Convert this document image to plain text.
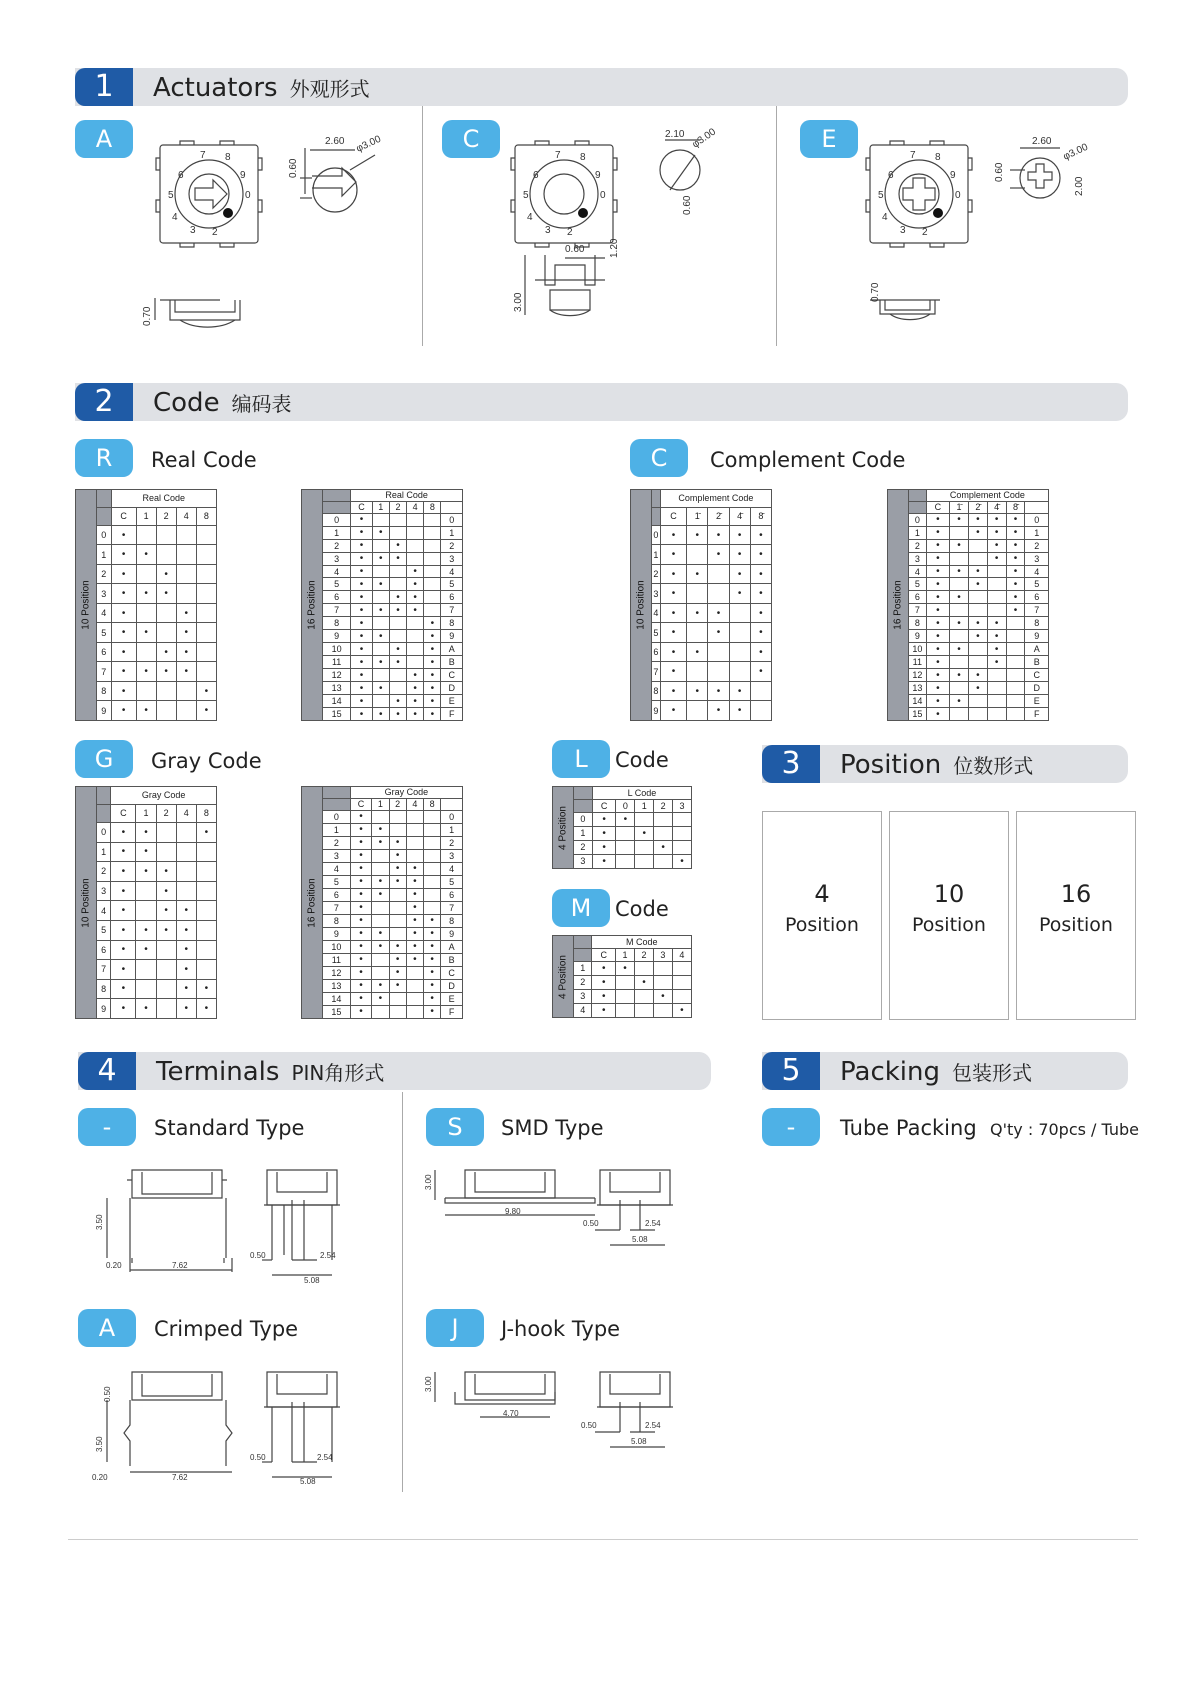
1	Actuators 外观形式
A	C	E
6
7 8
9
0
5
4
3 2
2.60 φ3.00
0.60
0.70
6
7 8
9
0
5
4
3 2
2.10 φ3.00
0.60
0.60 1.20
3.00
6
7 8
9
0
5
4
3 2
2.60
0.60
φ3.00
2.00
0.70
2	Code 编码表
R	Real Code	C	Complement Code
G	Gray Code	L	Code
M	Code
10 Position		Real Code				
		C	1	2	4	8
	0	•				
	1	•	•			
	2	•		•		
	3	•	•	•		
	4	•			•	
	5	•	•		•	
	6	•		•	•	
	7	•	•	•	•	
	8	•				•
	9	•	•			•
16 Position		Real Code					
		C	1	2	4	8	
	0	•					0
	1	•	•				1
	2	•		•			2
	3	•	•	•			3
	4	•			•		4
	5	•	•		•		5
	6	•		•	•		6
	7	•	•	•	•		7
	8	•				•	8
	9	•	•			•	9
	10	•		•		•	A
	11	•	•	•		•	B
	12	•			•	•	C
	13	•	•		•	•	D
	14	•		•	•	•	E
	15	•	•	•	•	•	F
10 Position		Complement Code				
		C	1̄	2̄	4̄	8̄
	0	•	•	•	•	•
	1	•		•	•	•
	2	•	•		•	•
	3	•			•	•
	4	•	•	•		•
	5	•		•		•
	6	•	•			•
	7	•				•
	8	•	•	•	•	
	9	•		•	•	
16 Position		Complement Code					
		C	1̄	2̄	4̄	8̄	
	0	•	•	•	•	•	0
	1	•		•	•	•	1
	2	•	•		•	•	2
	3	•			•	•	3
	4	•	•	•		•	4
	5	•		•		•	5
	6	•	•			•	6
	7	•				•	7
	8	•	•	•	•		8
	9	•		•	•		9
	10	•	•		•		A
	11	•			•		B
	12	•	•	•			C
	13	•		•			D
	14	•	•				E
	15	•					F
10 Position		Gray Code				
		C	1	2	4	8
	0	•	•			•
	1	•	•			
	2	•	•	•		
	3	•		•		
	4	•		•	•	
	5	•	•	•	•	
	6	•	•		•	
	7	•			•	
	8	•			•	•
	9	•	•		•	•
16 Position		Gray Code					
		C	1	2	4	8	
	0	•					0
	1	•	•				1
	2	•	•	•			2
	3	•		•			3
	4	•		•	•		4
	5	•	•	•	•		5
	6	•	•		•		6
	7	•			•		7
	8	•			•	•	8
	9	•	•		•	•	9
	10	•	•	•	•	•	A
	11	•		•	•	•	B
	12	•		•		•	C
	13	•	•	•		•	D
	14	•	•			•	E
	15	•				•	F
4 Position		L Code				
		C	0	1	2	3
	0	•	•			
	1	•		•		
	2	•			•	
	3	•				•
4 Position		M Code				
		C	1	2	3	4
	1	•	•			
	2	•		•		
	3	•			•	
	4	•				•
3	Position 位数形式
4
Position
10
Position
16
Position
4	Terminals PIN角形式
-	Standard Type	S	SMD Type
A	Crimped Type	J	J-hook Type
3.50
0.20	7.62
0.50	2.54
5.08
3.00
9.80
0.50	2.54
5.08
3.50
0.50
0.20	7.62
0.50	2.54
5.08
3.00
4.70
0.50	2.54
5.08
5	Packing 包装形式
-	Tube Packing Q'ty : 70pcs / Tube
